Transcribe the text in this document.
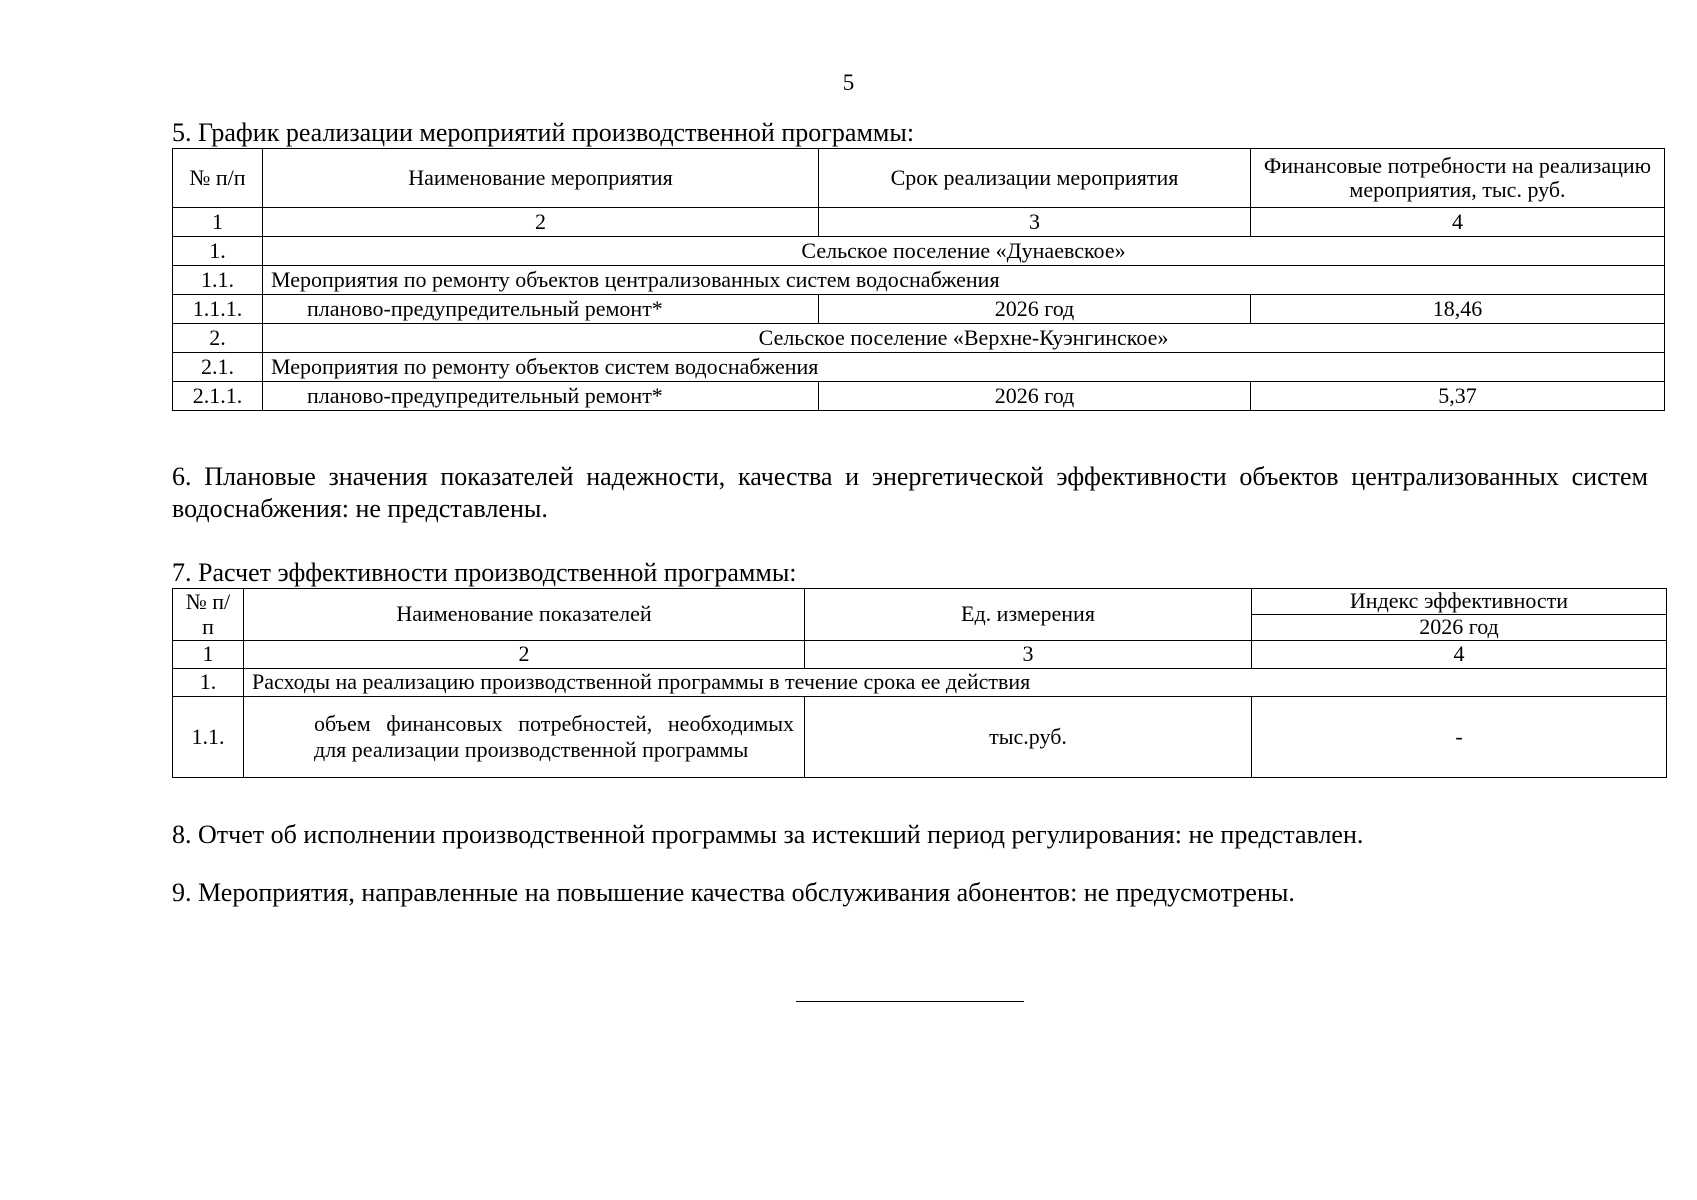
5
5. График реализации мероприятий производственной программы:
№ п/п	Наименование мероприятия	Срок реализации мероприятия	Финансовые потребности на реализацию мероприятия, тыс. руб.
1	2	3	4
1.	Сельское поселение «Дунаевское»		
1.1.	Мероприятия по ремонту объектов централизованных систем водоснабжения		
1.1.1.	планово-предупредительный ремонт*	2026 год	18,46
2.	Сельское поселение «Верхне-Куэнгинское»		
2.1.	Мероприятия по ремонту объектов систем водоснабжения		
2.1.1.	планово-предупредительный ремонт*	2026 год	5,37
6. Плановые значения показателей надежности, качества и энергетической эффективности объектов централизованных систем водоснабжения: не представлены.
7. Расчет эффективности производственной программы:
№ п/п	Наименование показателей	Ед. измерения	Индекс эффективности
			2026 год
1	2	3	4
1.	Расходы на реализацию производственной программы в течение срока ее действия		
1.1.	объем финансовых потребностей, необходимых для реализации производственной программы	тыс.руб.	-
8. Отчет об исполнении производственной программы за истекший период регулирования: не представлен.
9. Мероприятия, направленные на повышение качества обслуживания абонентов: не предусмотрены.
